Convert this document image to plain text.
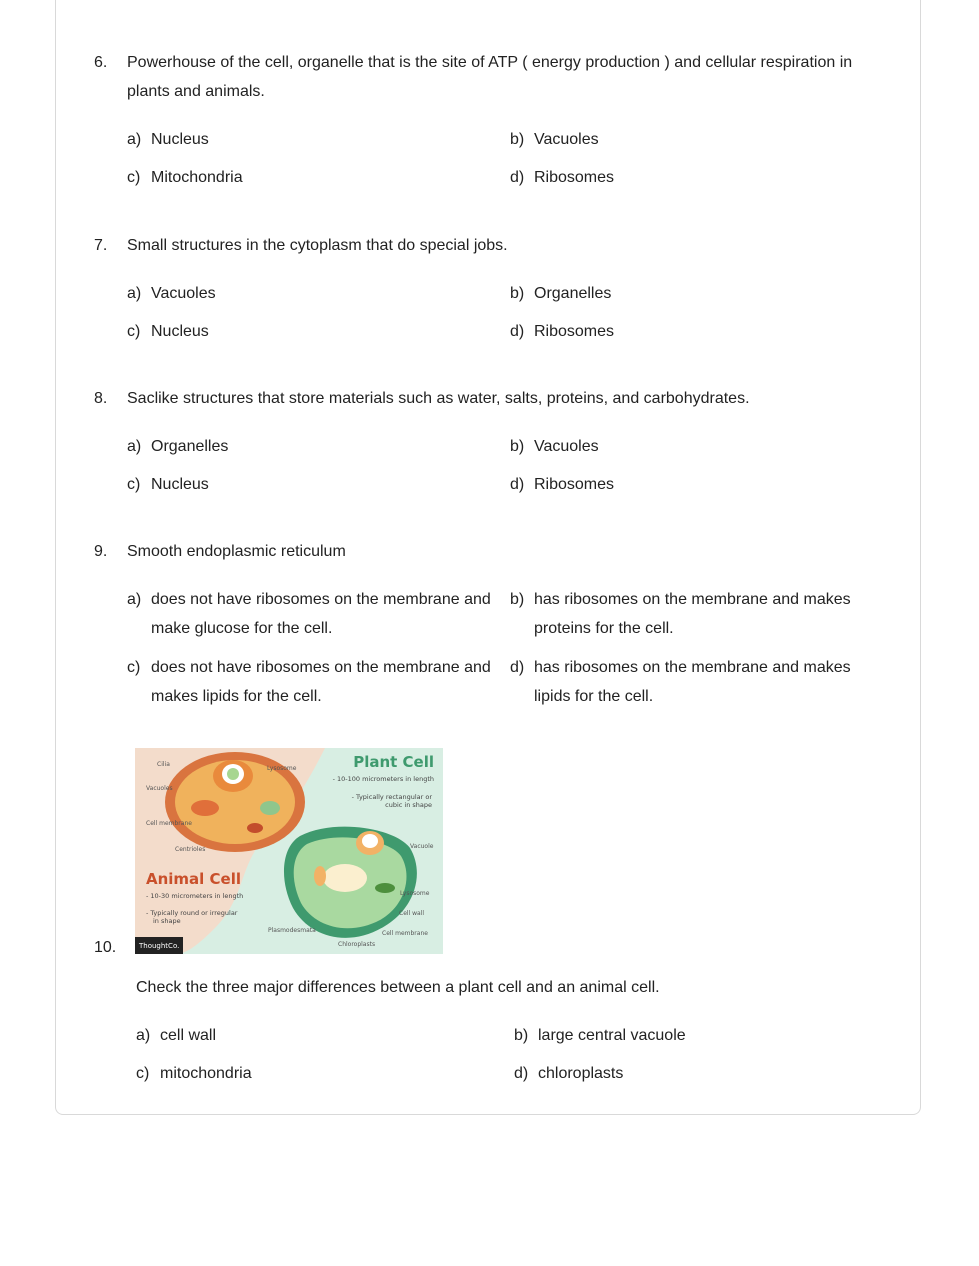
6. Powerhouse of the cell, organelle that is the site of ATP ( energy production ) and cellular respiration in plants and animals.
a) Nucleus	b) Vacuoles
c) Mitochondria	d) Ribosomes
7. Small structures in the cytoplasm that do special jobs.
a) Vacuoles	b) Organelles
c) Nucleus	d) Ribosomes
8. Saclike structures that store materials such as water, salts, proteins, and carbohydrates.
a) Organelles	b) Vacuoles
c) Nucleus	d) Ribosomes
9. Smooth endoplasmic reticulum
a) does not have ribosomes on the membrane and make glucose for the cell.
b) has ribosomes on the membrane and makes proteins for the cell.
c) does not have ribosomes on the membrane and makes lipids for the cell.
d) has ribosomes on the membrane and makes lipids for the cell.
10.
Plant Cell
- 10-100 micrometers in length
- Typically rectangular or
cubic in shape
Animal Cell
- 10-30 micrometers in length
- Typically round or irregular
in shape
Cilia
Lysosome
Vacuoles
Cell membrane
Centrioles	Vacuole
Lysosome
Cell wall
Cell membrane
Plasmodesmata
Chloroplasts
ThoughtCo.
Check the three major differences between a plant cell and an animal cell.
a) cell wall	b) large central vacuole
c) mitochondria	d) chloroplasts
